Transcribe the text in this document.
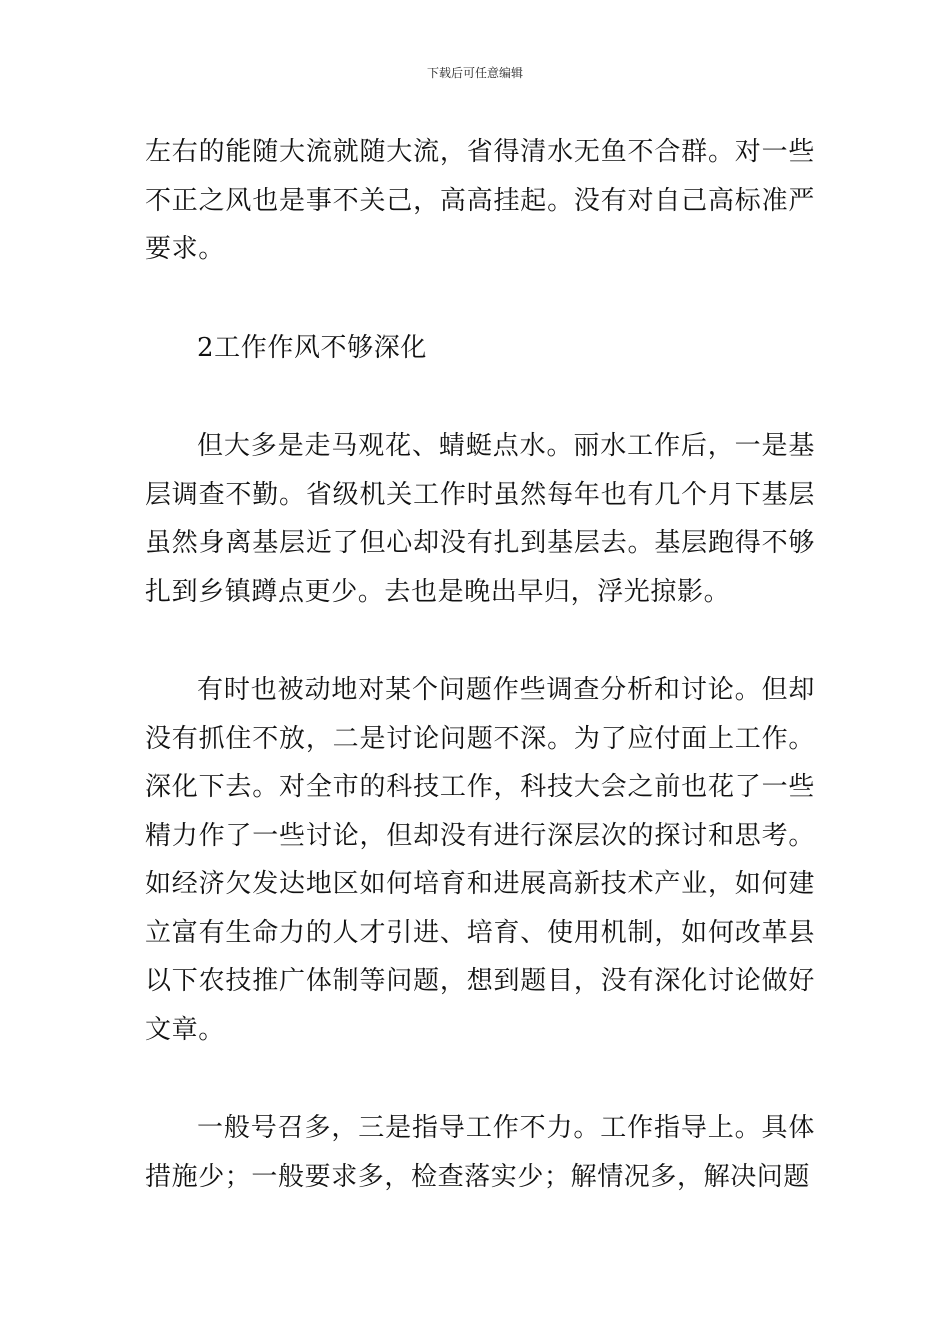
下载后可任意编辑

左右的能随大流就随大流，省得清水无鱼不合群。对一些不正之风也是事不关己，高高挂起。没有对自己高标准严要求。

2工作作风不够深化

但大多是走马观花、蜻蜓点水。丽水工作后，一是基层调查不勤。省级机关工作时虽然每年也有几个月下基层虽然身离基层近了但心却没有扎到基层去。基层跑得不够扎到乡镇蹲点更少。去也是晚出早归，浮光掠影。

有时也被动地对某个问题作些调查分析和讨论。但却没有抓住不放，二是讨论问题不深。为了应付面上工作。深化下去。对全市的科技工作，科技大会之前也花了一些精力作了一些讨论，但却没有进行深层次的探讨和思考。如经济欠发达地区如何培育和进展高新技术产业，如何建立富有生命力的人才引进、培育、使用机制，如何改革县以下农技推广体制等问题，想到题目，没有深化讨论做好文章。

一般号召多，三是指导工作不力。工作指导上。具体措施少；一般要求多，检查落实少；解情况多，解决问题
